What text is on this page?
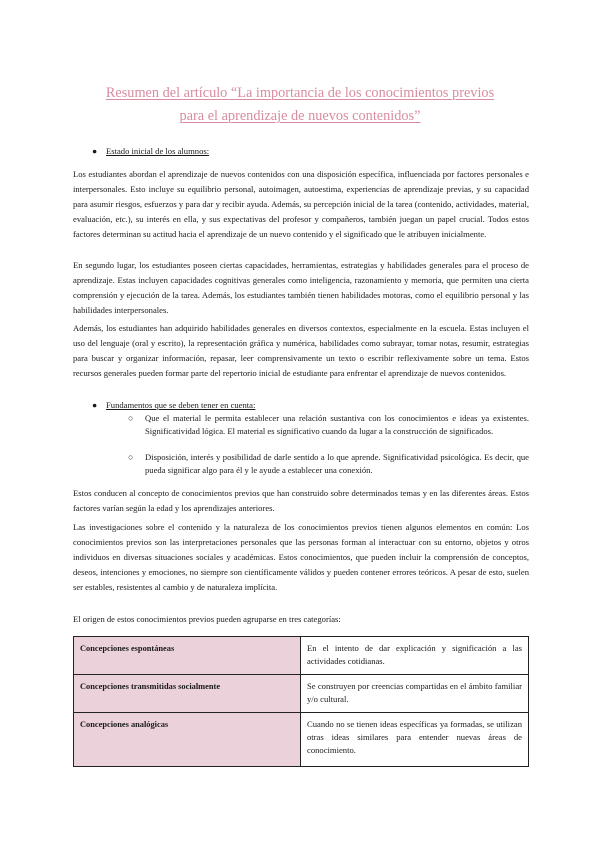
Resumen del artículo “La importancia de los conocimientos previos
para el aprendizaje de nuevos contenidos”
● Estado inicial de los alumnos:
Los estudiantes abordan el aprendizaje de nuevos contenidos con una disposición específica, influenciada por factores personales e interpersonales. Esto incluye su equilibrio personal, autoimagen, autoestima, experiencias de aprendizaje previas, y su capacidad para asumir riesgos, esfuerzos y para dar y recibir ayuda. Además, su percepción inicial de la tarea (contenido, actividades, material, evaluación, etc.), su interés en ella, y sus expectativas del profesor y compañeros, también juegan un papel crucial. Todos estos factores determinan su actitud hacia el aprendizaje de un nuevo contenido y el significado que le atribuyen inicialmente.
En segundo lugar, los estudiantes poseen ciertas capacidades, herramientas, estrategias y habilidades generales para el proceso de aprendizaje. Estas incluyen capacidades cognitivas generales como inteligencia, razonamiento y memoria, que permiten una cierta comprensión y ejecución de la tarea. Además, los estudiantes también tienen habilidades motoras, como el equilibrio personal y las habilidades interpersonales.
Además, los estudiantes han adquirido habilidades generales en diversos contextos, especialmente en la escuela. Estas incluyen el uso del lenguaje (oral y escrito), la representación gráfica y numérica, habilidades como subrayar, tomar notas, resumir, estrategias para buscar y organizar información, repasar, leer comprensivamente un texto o escribir reflexivamente sobre un tema. Estos recursos generales pueden formar parte del repertorio inicial de estudiante para enfrentar el aprendizaje de nuevos contenidos.
● Fundamentos que se deben tener en cuenta:
○ Que el material le permita establecer una relación sustantiva con los conocimientos e ideas ya existentes. Significatividad lógica. El material es significativo cuando da lugar a la construcción de significados.
○ Disposición, interés y posibilidad de darle sentido a lo que aprende. Significatividad psicológica. Es decir, que pueda significar algo para él y le ayude a establecer una conexión.
Estos conducen al concepto de conocimientos previos que han construido sobre determinados temas y en las diferentes áreas. Estos factores varían según la edad y los aprendizajes anteriores.
Las investigaciones sobre el contenido y la naturaleza de los conocimientos previos tienen algunos elementos en común: Los conocimientos previos son las interpretaciones personales que las personas forman al interactuar con su entorno, objetos y otros individuos en diversas situaciones sociales y académicas. Estos conocimientos, que pueden incluir la comprensión de conceptos, deseos, intenciones y emociones, no siempre son científicamente válidos y pueden contener errores teóricos. A pesar de esto, suelen ser estables, resistentes al cambio y de naturaleza implícita.
El origen de estos conocimientos previos pueden agruparse en tres categorías:
Concepciones espontáneas	En el intento de dar explicación y significación a las actividades cotidianas.
Concepciones transmitidas socialmente	Se construyen por creencias compartidas en el ámbito familiar y/o cultural.
Concepciones analógicas	Cuando no se tienen ideas específicas ya formadas, se utilizan otras ideas similares para entender nuevas áreas de conocimiento.
